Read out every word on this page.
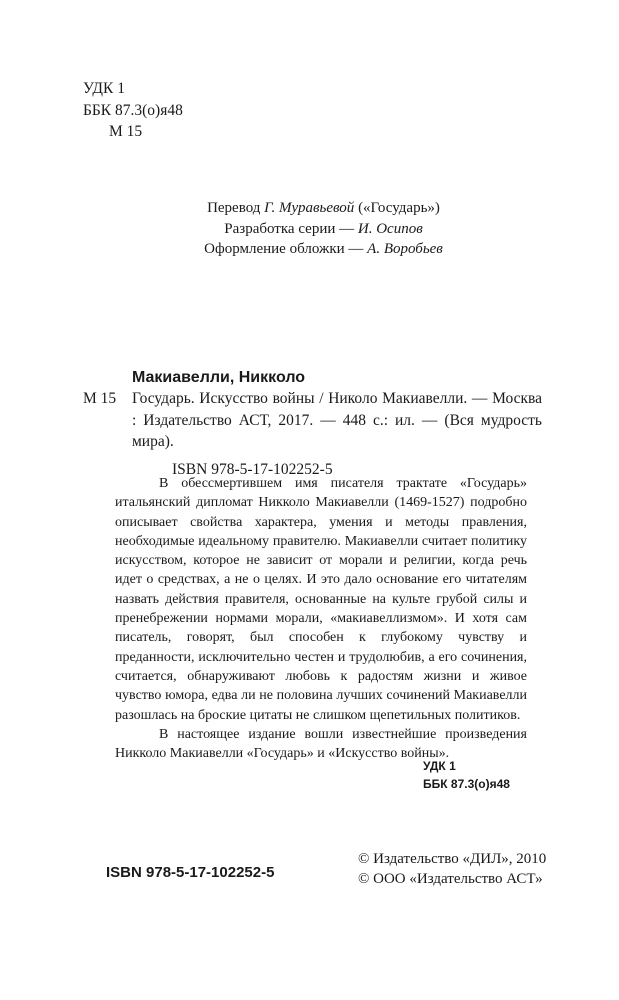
УДК 1
ББК 87.3(о)я48
М 15
Перевод Г. Муравьевой («Государь»)
Разработка серии — И. Осипов
Оформление обложки — А. Воробьев
Макиавелли, Никколо
М 15 Государь. Искусство войны / Николо Макиавелли. — Москва : Издательство АСТ, 2017. — 448 с.: ил. — (Вся мудрость мира).
ISBN 978-5-17-102252-5

В обессмертившем имя писателя трактате «Государь» итальянский дипломат Никколо Макиавелли (1469-1527) подробно описывает свойства характера, умения и методы правления, необходимые идеальному правителю. Макиавелли считает политику искусством, которое не зависит от морали и религии, когда речь идет о средствах, а не о целях. И это дало основание его читателям назвать действия правителя, основанные на культе грубой силы и пренебрежении нормами морали, «макиавеллизмом». И хотя сам писатель, говорят, был способен к глубокому чувству и преданности, исключительно честен и трудолюбив, а его сочинения, считается, обнаруживают любовь к радостям жизни и живое чувство юмора, едва ли не половина лучших сочинений Макиавелли разошлась на броские цитаты не слишком щепетильных политиков.

В настоящее издание вошли известнейшие произведения Никколо Макиавелли «Государь» и «Искусство войны».

УДК 1
ББК 87.3(о)я48
ISBN 978-5-17-102252-5
© Издательство «ДИЛ», 2010
© ООО «Издательство АСТ»
